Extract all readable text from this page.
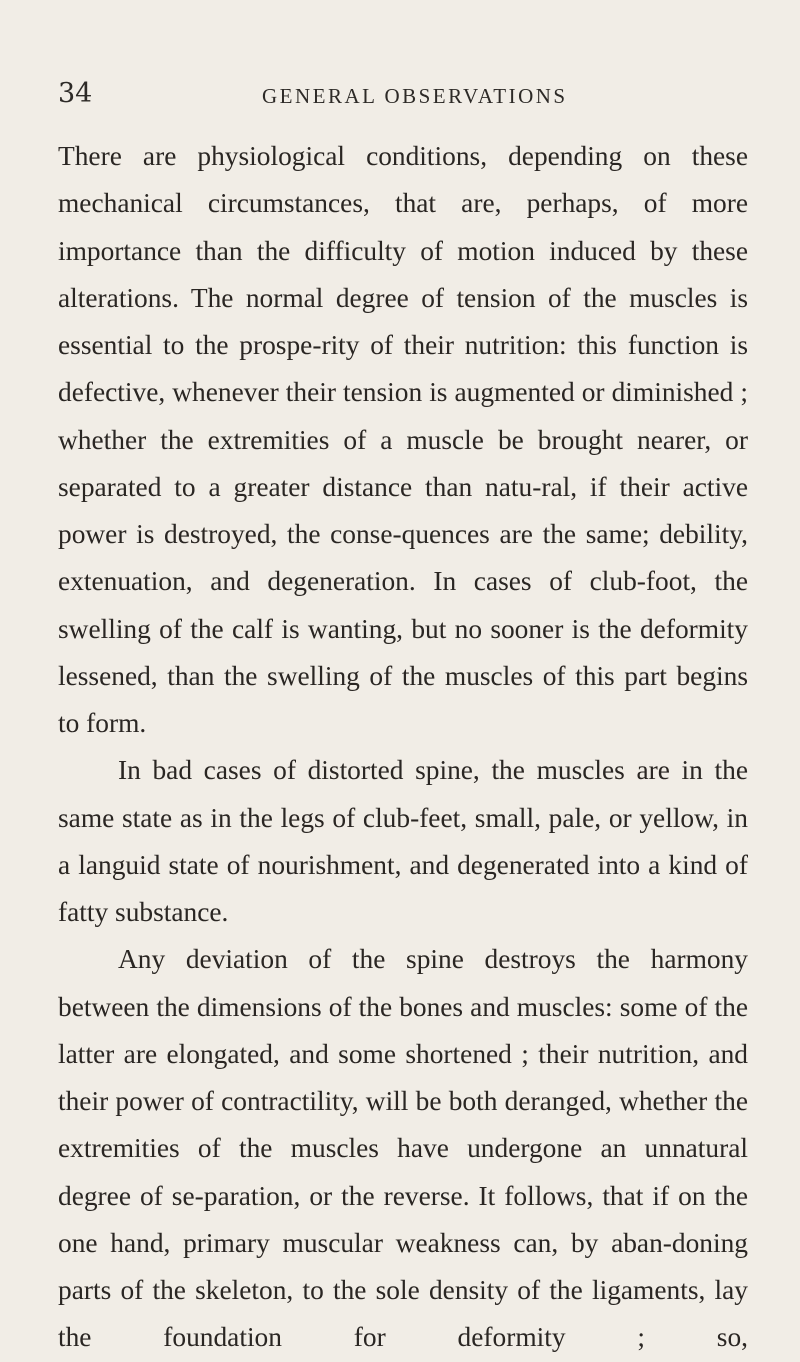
34	GENERAL OBSERVATIONS

There are physiological conditions, depending on these mechanical circumstances, that are, perhaps, of more importance than the difficulty of motion induced by these alterations. The normal degree of tension of the muscles is essential to the prospe-rity of their nutrition: this function is defective, whenever their tension is augmented or diminished ; whether the extremities of a muscle be brought nearer, or separated to a greater distance than natu-ral, if their active power is destroyed, the conse-quences are the same; debility, extenuation, and degeneration. In cases of club-foot, the swelling of the calf is wanting, but no sooner is the deformity lessened, than the swelling of the muscles of this part begins to form.

In bad cases of distorted spine, the muscles are in the same state as in the legs of club-feet, small, pale, or yellow, in a languid state of nourishment, and degenerated into a kind of fatty substance.

Any deviation of the spine destroys the harmony between the dimensions of the bones and muscles: some of the latter are elongated, and some shortened ; their nutrition, and their power of contractility, will be both deranged, whether the extremities of the muscles have undergone an unnatural degree of se-paration, or the reverse. It follows, that if on the one hand, primary muscular weakness can, by aban-doning parts of the skeleton, to the sole density of the ligaments, lay the foundation for deformity ; so,
